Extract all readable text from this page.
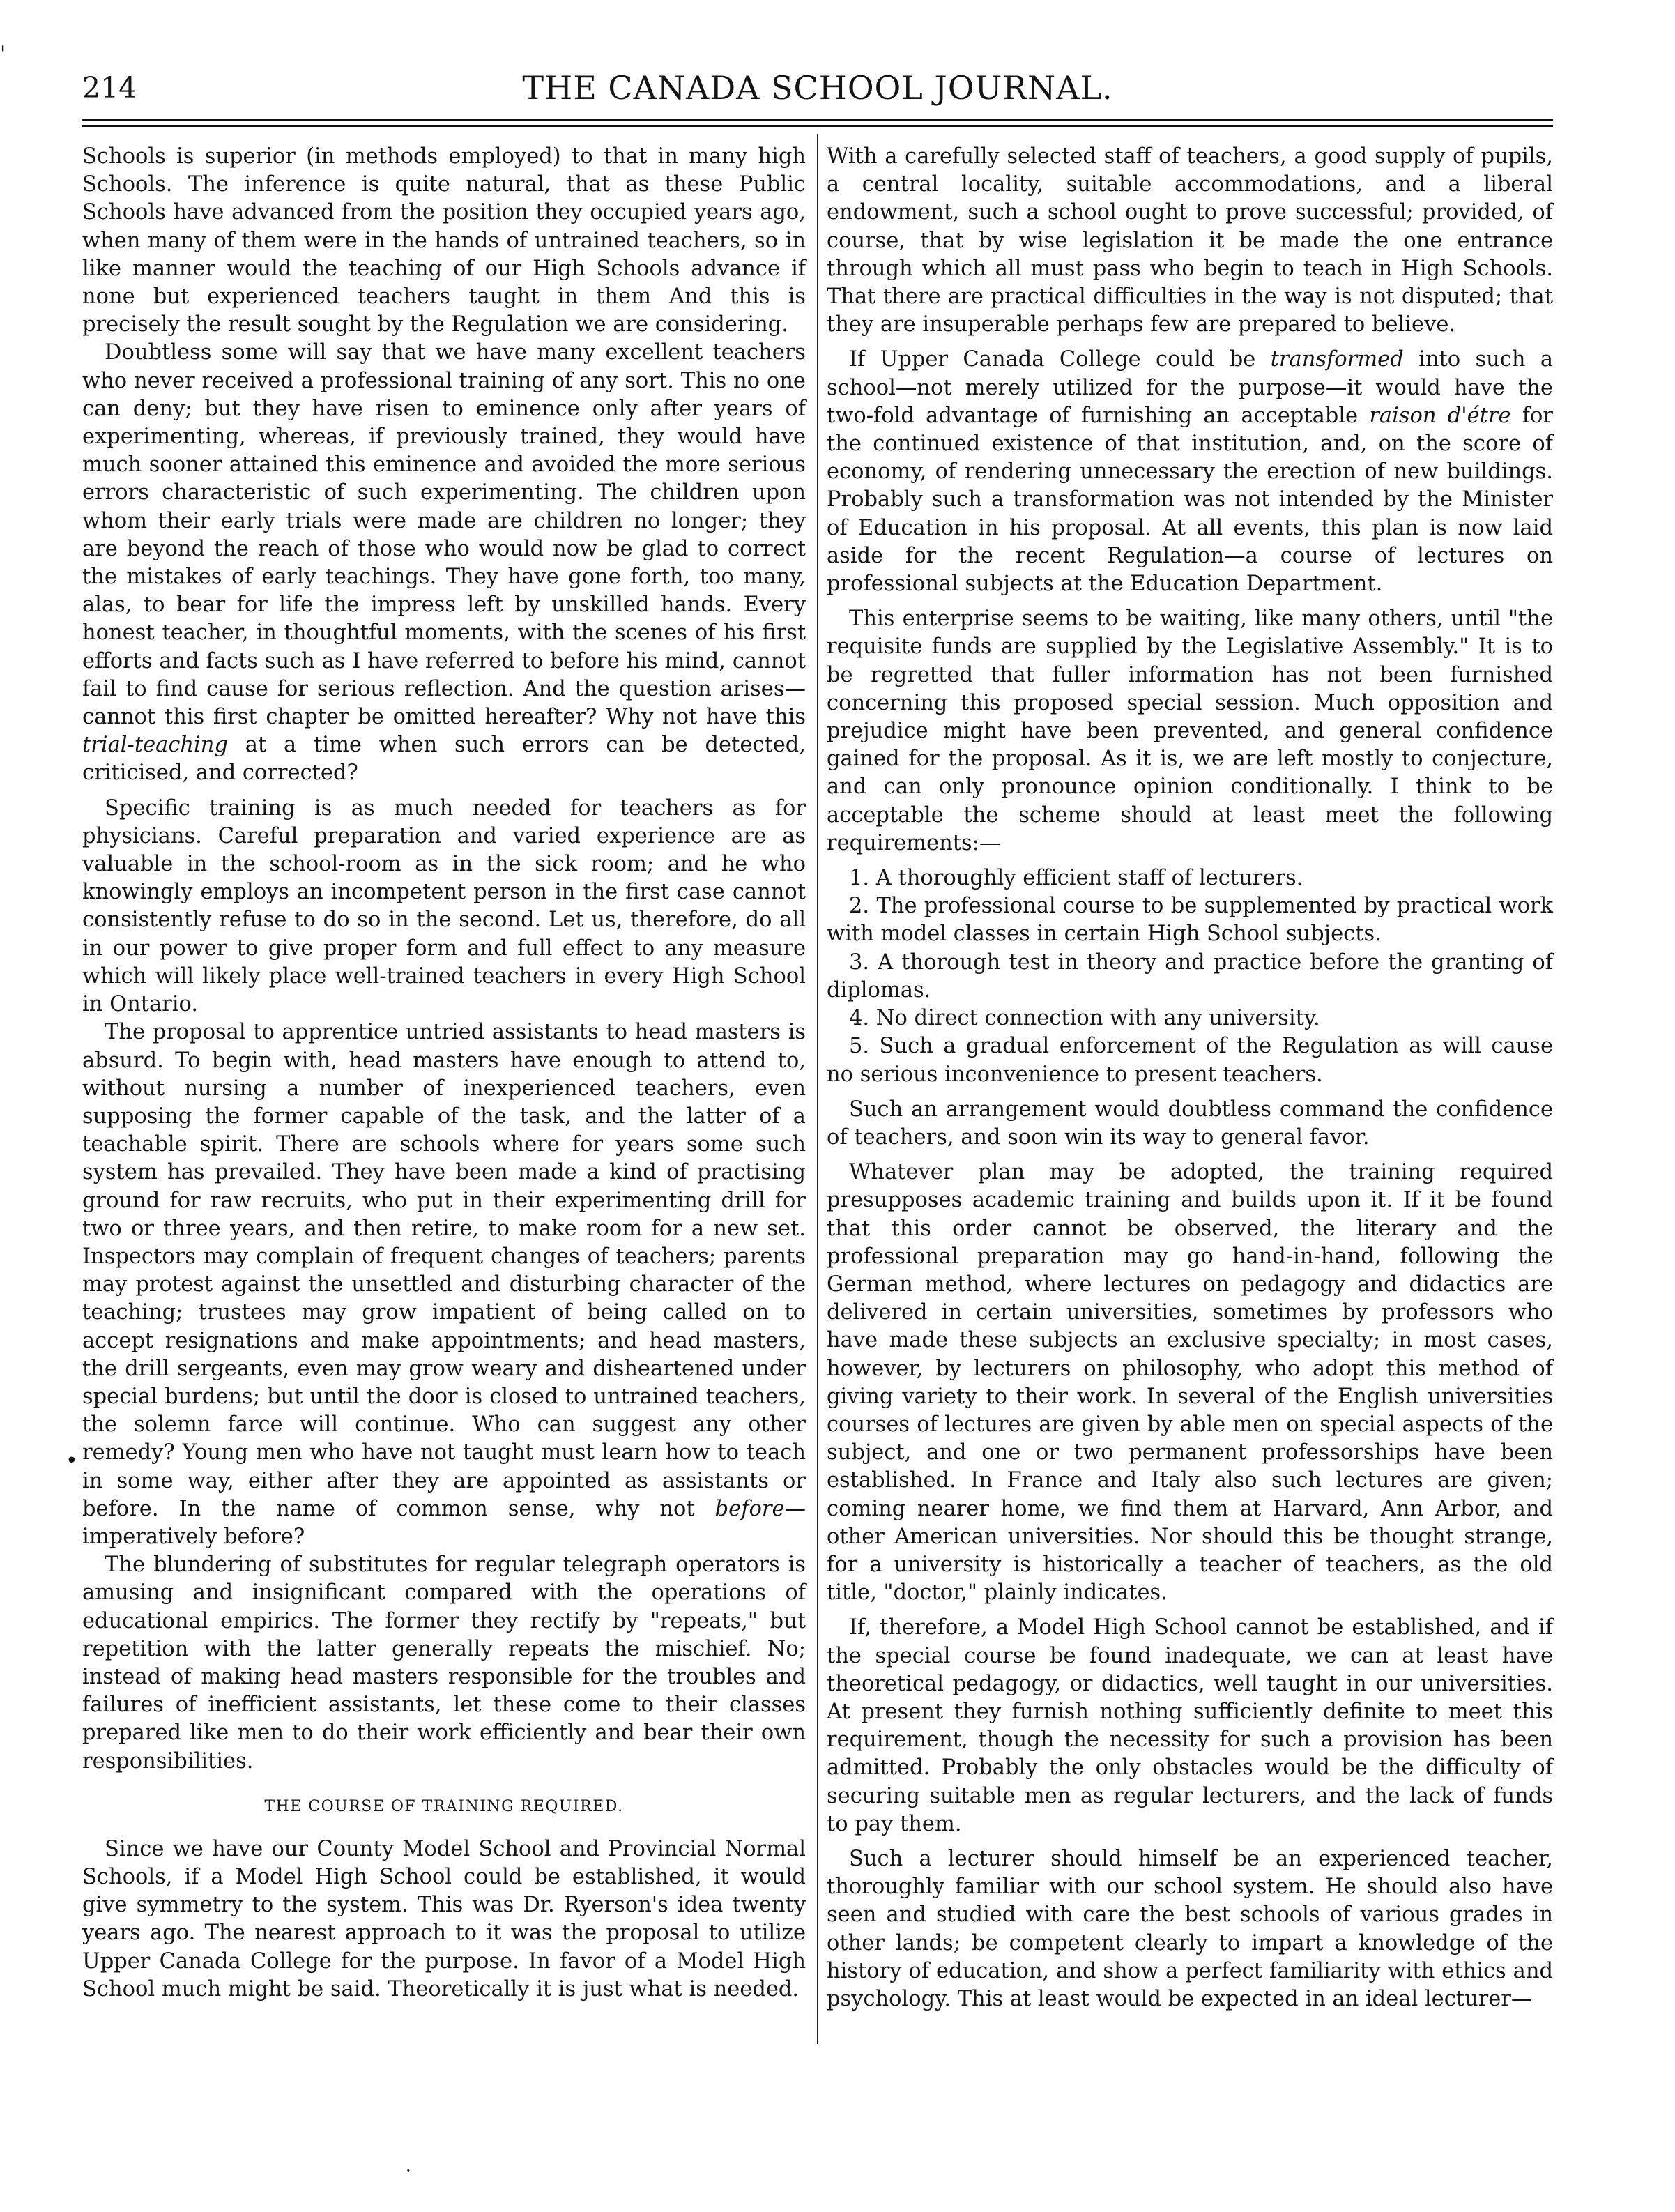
'
THE CANADA SCHOOL JOURNAL.
214

Schools is superior (in methods employed) to that in many high Schools. The inference is quite natural, that as these Public Schools have advanced from the position they occupied years ago, when many of them were in the hands of untrained teachers, so in like manner would the teaching of our High Schools advance if none but experienced teachers taught in them And this is precisely the result sought by the Regulation we are considering.

Doubtless some will say that we have many excellent teachers who never received a professional training of any sort. This no one can deny; but they have risen to eminence only after years of experimenting, whereas, if previously trained, they would have much sooner attained this eminence and avoided the more serious errors characteristic of such experimenting. The children upon whom their early trials were made are children no longer; they are beyond the reach of those who would now be glad to correct the mistakes of early teachings. They have gone forth, too many, alas, to bear for life the impress left by unskilled hands. Every honest teacher, in thoughtful moments, with the scenes of his first efforts and facts such as I have referred to before his mind, cannot fail to find cause for serious reflection. And the question arises—cannot this first chapter be omitted hereafter? Why not have this trial-teaching at a time when such errors can be detected, criticised, and corrected?

Specific training is as much needed for teachers as for physicians. Careful preparation and varied experience are as valuable in the school-room as in the sick room; and he who knowingly employs an incompetent person in the first case cannot consistently refuse to do so in the second. Let us, therefore, do all in our power to give proper form and full effect to any measure which will likely place well-trained teachers in every High School in Ontario.

The proposal to apprentice untried assistants to head masters is absurd. To begin with, head masters have enough to attend to, without nursing a number of inexperienced teachers, even supposing the former capable of the task, and the latter of a teachable spirit. There are schools where for years some such system has prevailed. They have been made a kind of practising ground for raw recruits, who put in their experimenting drill for two or three years, and then retire, to make room for a new set. Inspectors may complain of frequent changes of teachers; parents may protest against the unsettled and disturbing character of the teaching; trustees may grow impatient of being called on to accept resignations and make appointments; and head masters, the drill sergeants, even may grow weary and disheartened under special burdens; but until the door is closed to untrained teachers, the solemn farce will continue. Who can suggest any other remedy? Young men who have not taught must learn how to teach in some way, either after they are appointed as assistants or before. In the name of common sense, why not before—imperatively before?

The blundering of substitutes for regular telegraph operators is amusing and insignificant compared with the operations of educational empirics. The former they rectify by "repeats," but repetition with the latter generally repeats the mischief. No; instead of making head masters responsible for the troubles and failures of inefficient assistants, let these come to their classes prepared like men to do their work efficiently and bear their own responsibilities.

THE COURSE OF TRAINING REQUIRED.

Since we have our County Model School and Provincial Normal Schools, if a Model High School could be established, it would give symmetry to the system. This was Dr. Ryerson's idea twenty years ago. The nearest approach to it was the proposal to utilize Upper Canada College for the purpose. In favor of a Model High School much might be said. Theoretically it is just what is needed.

With a carefully selected staff of teachers, a good supply of pupils, a central locality, suitable accommodations, and a liberal endowment, such a school ought to prove successful; provided, of course, that by wise legislation it be made the one entrance through which all must pass who begin to teach in High Schools. That there are practical difficulties in the way is not disputed; that they are insuperable perhaps few are prepared to believe.

If Upper Canada College could be transformed into such a school—not merely utilized for the purpose—it would have the two-fold advantage of furnishing an acceptable raison d'étre for the continued existence of that institution, and, on the score of economy, of rendering unnecessary the erection of new buildings. Probably such a transformation was not intended by the Minister of Education in his proposal. At all events, this plan is now laid aside for the recent Regulation—a course of lectures on professional subjects at the Education Department.

This enterprise seems to be waiting, like many others, until "the requisite funds are supplied by the Legislative Assembly." It is to be regretted that fuller information has not been furnished concerning this proposed special session. Much opposition and prejudice might have been prevented, and general confidence gained for the proposal. As it is, we are left mostly to conjecture, and can only pronounce opinion conditionally. I think to be acceptable the scheme should at least meet the following requirements:—

1. A thoroughly efficient staff of lecturers.

2. The professional course to be supplemented by practical work with model classes in certain High School subjects.

3. A thorough test in theory and practice before the granting of diplomas.

4. No direct connection with any university.

5. Such a gradual enforcement of the Regulation as will cause no serious inconvenience to present teachers.

Such an arrangement would doubtless command the confidence of teachers, and soon win its way to general favor.

Whatever plan may be adopted, the training required presupposes academic training and builds upon it. If it be found that this order cannot be observed, the literary and the professional preparation may go hand-in-hand, following the German method, where lectures on pedagogy and didactics are delivered in certain universities, sometimes by professors who have made these subjects an exclusive specialty; in most cases, however, by lecturers on philosophy, who adopt this method of giving variety to their work. In several of the English universities courses of lectures are given by able men on special aspects of the subject, and one or two permanent professorships have been established. In France and Italy also such lectures are given; coming nearer home, we find them at Harvard, Ann Arbor, and other American universities. Nor should this be thought strange, for a university is historically a teacher of teachers, as the old title, "doctor," plainly indicates.

If, therefore, a Model High School cannot be established, and if the special course be found inadequate, we can at least have theoretical pedagogy, or didactics, well taught in our universities. At present they furnish nothing sufficiently definite to meet this requirement, though the necessity for such a provision has been admitted. Probably the only obstacles would be the difficulty of securing suitable men as regular lecturers, and the lack of funds to pay them.

Such a lecturer should himself be an experienced teacher, thoroughly familiar with our school system. He should also have seen and studied with care the best schools of various grades in other lands; be competent clearly to impart a knowledge of the history of education, and show a perfect familiarity with ethics and psychology. This at least would be expected in an ideal lecturer—

•
·
